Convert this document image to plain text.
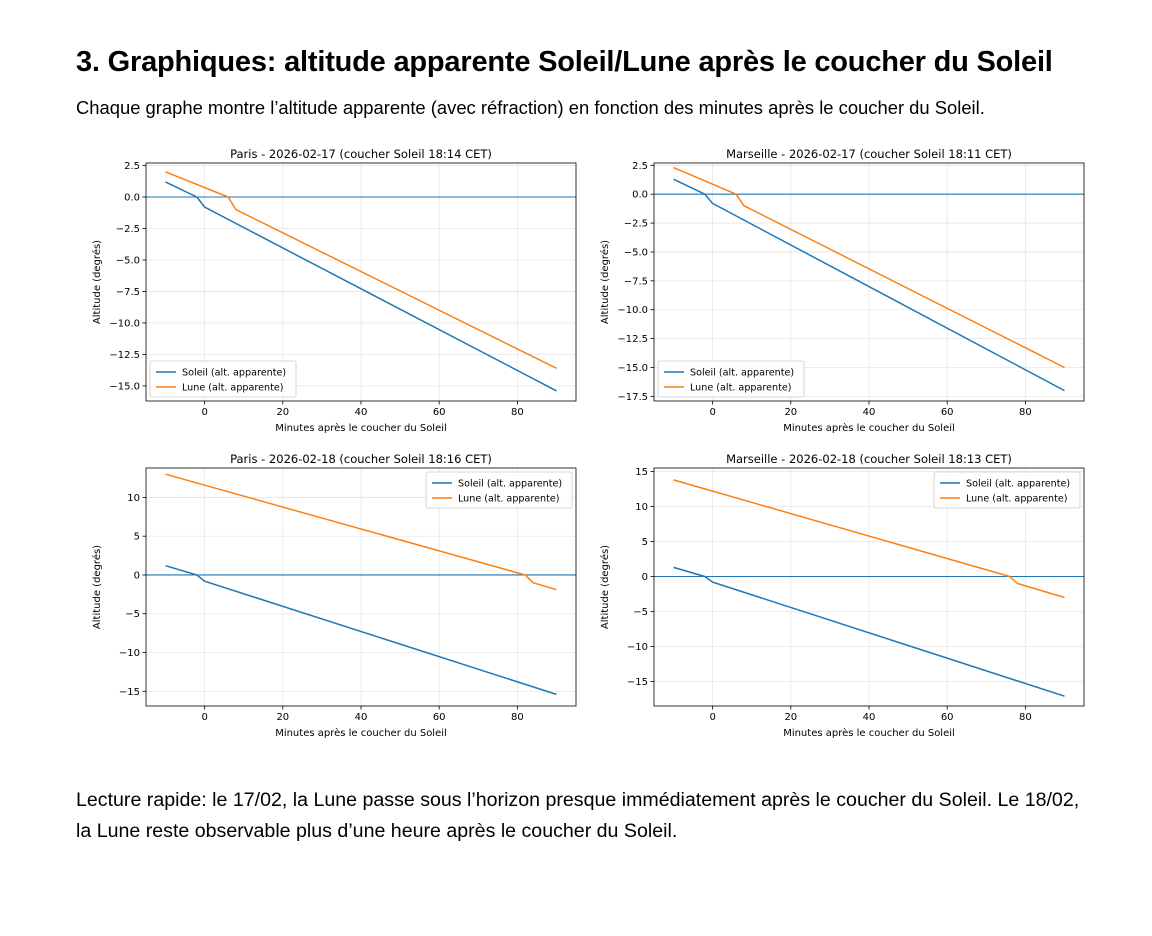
3. Graphiques: altitude apparente Soleil/Lune après le coucher du Soleil

Chaque graphe montre l’altitude apparente (avec réfraction) en fonction des minutes après le coucher du Soleil.

Paris - 2026-02-17 (coucher Soleil 18:14 CET)
0	20	40	60	80
2.5
0.0
−2.5
−5.0
−7.5
−10.0
−12.5
−15.0
Minutes après le coucher du Soleil
Altitude (degrés)
Soleil (alt. apparente)
Lune (alt. apparente)
Marseille - 2026-02-17 (coucher Soleil 18:11 CET)
0	20	40	60	80
2.5
0.0
−2.5
−5.0
−7.5
−10.0
−12.5
−15.0
−17.5
Minutes après le coucher du Soleil
Altitude (degrés)
Soleil (alt. apparente)
Lune (alt. apparente)
Paris - 2026-02-18 (coucher Soleil 18:16 CET)
0	20	40	60	80
10
5
0
−5
−10
−15
Minutes après le coucher du Soleil
Altitude (degrés)
Soleil (alt. apparente)
Lune (alt. apparente)
Marseille - 2026-02-18 (coucher Soleil 18:13 CET)
0	20	40	60	80
15
10
5
0
−5
−10
−15
Minutes après le coucher du Soleil
Altitude (degrés)
Soleil (alt. apparente)
Lune (alt. apparente)

Lecture rapide: le 17/02, la Lune passe sous l’horizon presque immédiatement après le coucher du Soleil. Le 18/02, la Lune reste observable plus d’une heure après le coucher du Soleil.
